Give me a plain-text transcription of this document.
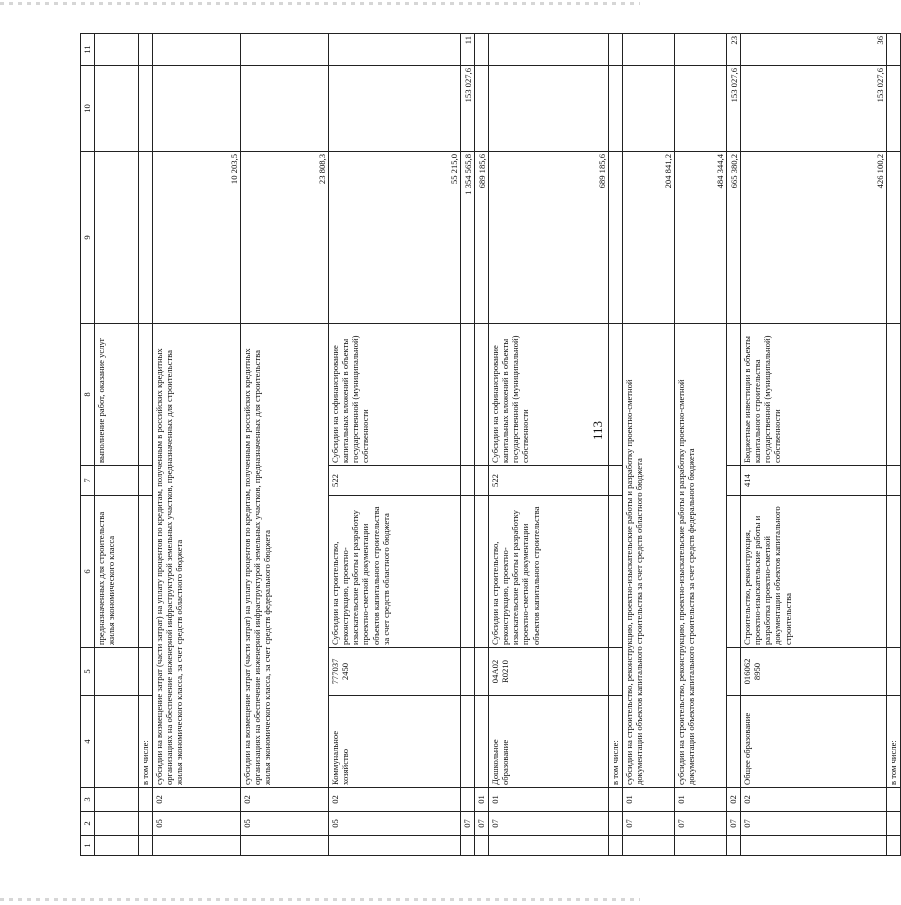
113
1	2	3	4	5	6	7	8	9	10	11
					предназначенных для строительства жилья экономического класса		выполнение работ, оказание услуг			
			в том числе:							
	05	02	субсидии на возмещение затрат (части затрат) на уплату процентов по кредитам, полученным в российских кредитных организациях на обеспечение инженерной инфраструктурой земельных участков, предназначенных для строительства жилья экономического класса, за счет средств областного бюджета					10 203,5		
	05	02	субсидии на возмещение затрат (части затрат) на уплату процентов по кредитам, полученным в российских кредитных организациях на обеспечение инженерной инфраструктурой земельных участков, предназначенных для строительства жилья экономического класса, за счет средств федерального бюджета					23 808,3		
	05	02	Коммунальное хозяйство	777037 2450	Субсидии на строительство, реконструкцию, проектно-изыскательские работы и разработку проектно-сметной документации объектов капитального строительства за счет средств областного бюджета	522	Субсидии на софинансирование капитальных вложений в объекты государственной (муниципальной) собственности	55 215,0		
	07							1 354 565,8	153 027,6	11
	07	01						689 185,6		
	07	01	Дошкольное образование	04А02 R0210	Субсидии на строительство, реконструкцию, проектно-изыскательские работы и разработку проектно-сметной документации объектов капитального строительства	522	Субсидии на софинансирование капитальных вложений в объекты государственной (муниципальной) собственности	689 185,6		
			в том числе:							
	07	01	субсидии на строительство, реконструкцию, проектно-изыскательские работы и разработку проектно-сметной документации объектов капитального строительства за счет средств областного бюджета					204 841,2		
	07	01	субсидии на строительство, реконструкцию, проектно-изыскательские работы и разработку проектно-сметной документации объектов капитального строительства за счет средств федерального бюджета					484 344,4		
	07	02						665 380,2	153 027,6	23
	07	02	Общее образование	016062 8950	Строительство, реконструкция, проектно-изыскательские работы и разработка проектно-сметной документации объектов капитального строительства	414	Бюджетные инвестиции в объекты капитального строительства государственной (муниципальной) собственности	426 100,2	153 027,6	36
			в том числе:							
